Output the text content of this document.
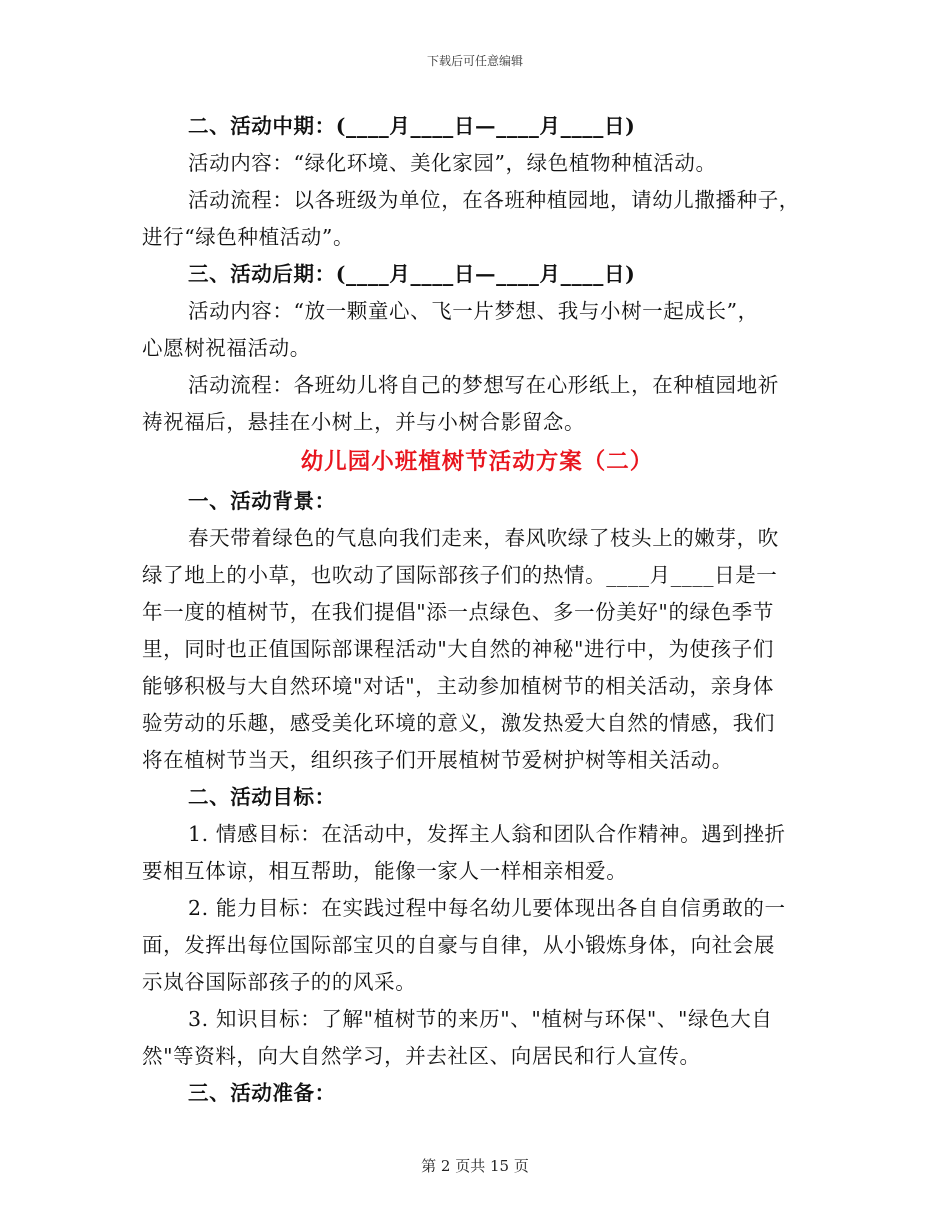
下载后可任意编辑
二、活动中期：(____月____日—____月____日)
活动内容：“绿化环境、美化家园”，绿色植物种植活动。
活动流程：以各班级为单位，在各班种植园地，请幼儿撒播种子，
进行“绿色种植活动”。
三、活动后期：(____月____日—____月____日)
活动内容：“放一颗童心、飞一片梦想、我与小树一起成长”，
心愿树祝福活动。
活动流程：各班幼儿将自己的梦想写在心形纸上，在种植园地祈
祷祝福后，悬挂在小树上，并与小树合影留念。
幼儿园小班植树节活动方案（二）
一、活动背景：
春天带着绿色的气息向我们走来，春风吹绿了枝头上的嫩芽，吹
绿了地上的小草，也吹动了国际部孩子们的热情。____月____日是一
年一度的植树节，在我们提倡"添一点绿色、多一份美好"的绿色季节
里，同时也正值国际部课程活动"大自然的神秘"进行中，为使孩子们
能够积极与大自然环境"对话"，主动参加植树节的相关活动，亲身体
验劳动的乐趣，感受美化环境的意义，激发热爱大自然的情感，我们
将在植树节当天，组织孩子们开展植树节爱树护树等相关活动。
二、活动目标：
1. 情感目标：在活动中，发挥主人翁和团队合作精神。遇到挫折
要相互体谅，相互帮助，能像一家人一样相亲相爱。
2. 能力目标：在实践过程中每名幼儿要体现出各自自信勇敢的一
面，发挥出每位国际部宝贝的自豪与自律，从小锻炼身体，向社会展
示岚谷国际部孩子的的风采。
3. 知识目标：了解"植树节的来历"、"植树与环保"、"绿色大自
然"等资料，向大自然学习，并去社区、向居民和行人宣传。
三、活动准备：
第 2 页共 15 页
